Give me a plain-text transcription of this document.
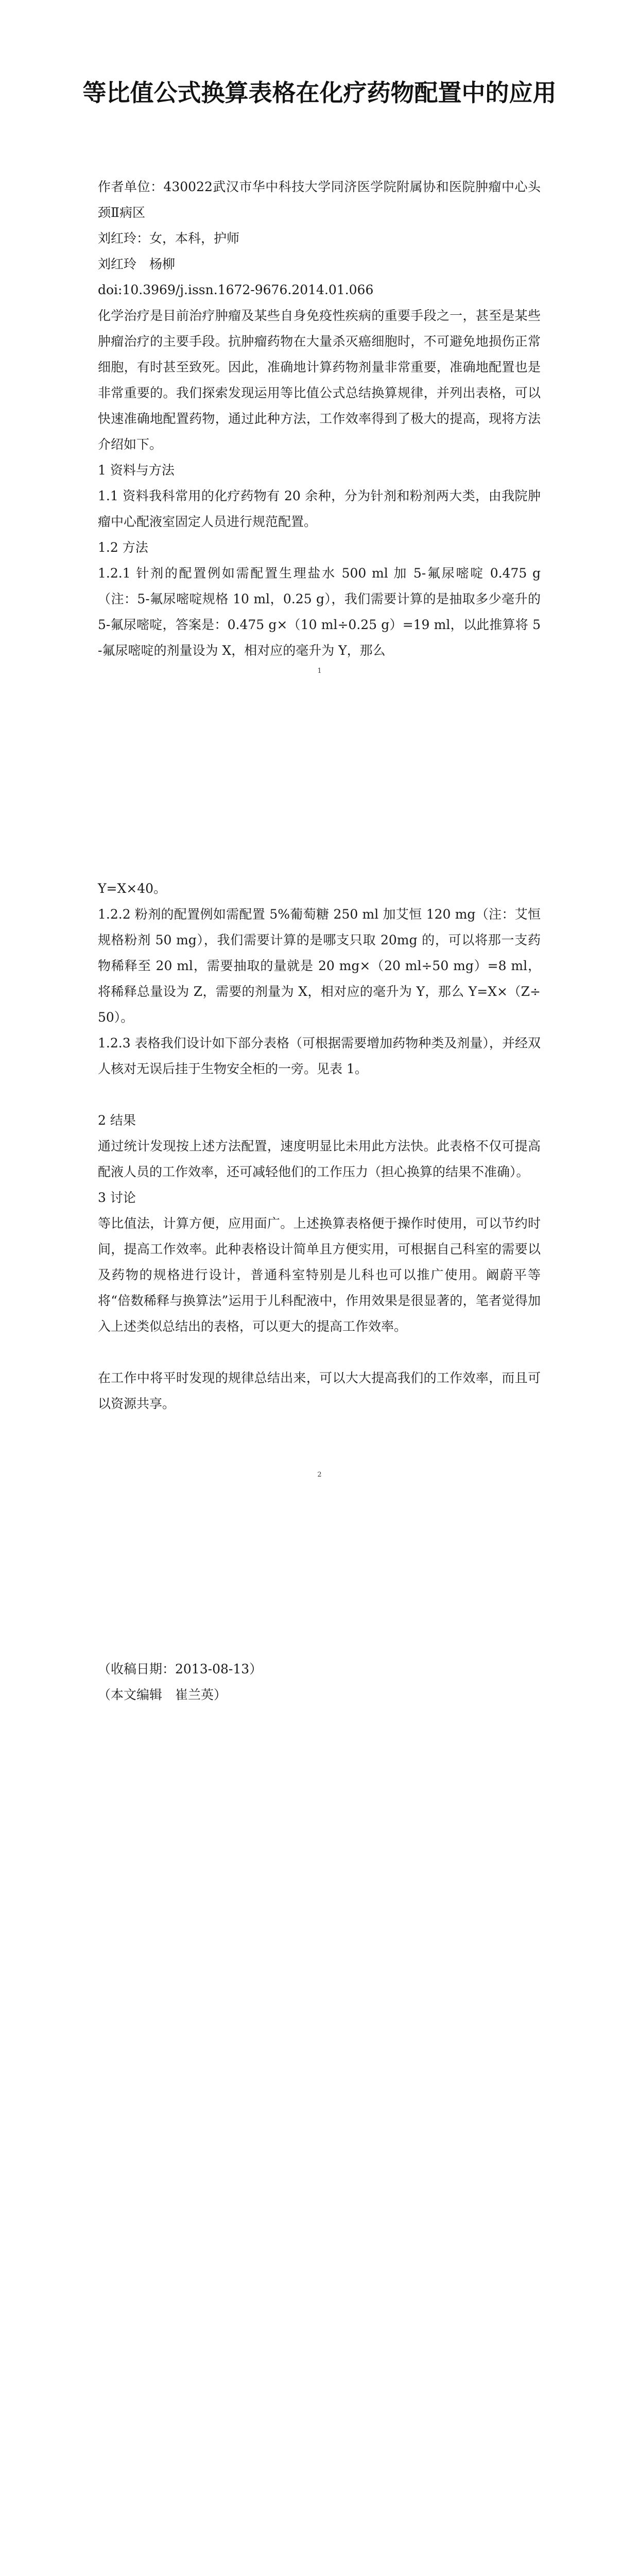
等比值公式换算表格在化疗药物配置中的应用

作者单位：430022武汉市华中科技大学同济医学院附属协和医院肿瘤中心头颈Ⅱ病区

刘红玲：女，本科，护师

刘红玲　杨柳

doi:10.3969/j.issn.1672-9676.2014.01.066

化学治疗是目前治疗肿瘤及某些自身免疫性疾病的重要手段之一，甚至是某些肿瘤治疗的主要手段。抗肿瘤药物在大量杀灭癌细胞时，不可避免地损伤正常细胞，有时甚至致死。因此，准确地计算药物剂量非常重要，准确地配置也是非常重要的。我们探索发现运用等比值公式总结换算规律，并列出表格，可以快速准确地配置药物，通过此种方法，工作效率得到了极大的提高，现将方法介绍如下。

1 资料与方法

1.1 资料我科常用的化疗药物有 20 余种，分为针剂和粉剂两大类，由我院肿瘤中心配液室固定人员进行规范配置。

1.2 方法

1.2.1 针剂的配置例如需配置生理盐水 500 ml 加 5-氟尿嘧啶 0.475 g（注：5-氟尿嘧啶规格 10 ml，0.25 g），我们需要计算的是抽取多少毫升的 5-氟尿嘧啶，答案是：0.475 g×（10 ml÷0.25 g）=19 ml，以此推算将 5-氟尿嘧啶的剂量设为 X，相对应的毫升为 Y，那么

1

Y=X×40。

1.2.2 粉剂的配置例如需配置 5%葡萄糖 250 ml 加艾恒 120 mg（注：艾恒规格粉剂 50 mg），我们需要计算的是哪支只取 20mg 的，可以将那一支药物稀释至 20 ml，需要抽取的量就是 20 mg×（20 ml÷50 mg）=8 ml，将稀释总量设为 Z，需要的剂量为 X，相对应的毫升为 Y，那么 Y=X×（Z÷50）。

1.2.3 表格我们设计如下部分表格（可根据需要增加药物种类及剂量），并经双人核对无误后挂于生物安全柜的一旁。见表 1。

2 结果

通过统计发现按上述方法配置，速度明显比未用此方法快。此表格不仅可提高配液人员的工作效率，还可减轻他们的工作压力（担心换算的结果不准确）。

3 讨论

等比值法，计算方便，应用面广。上述换算表格便于操作时使用，可以节约时间，提高工作效率。此种表格设计简单且方便实用，可根据自己科室的需要以及药物的规格进行设计，普通科室特别是儿科也可以推广使用。阚蔚平等将“倍数稀释与换算法”运用于儿科配液中，作用效果是很显著的，笔者觉得加入上述类似总结出的表格，可以更大的提高工作效率。

在工作中将平时发现的规律总结出来，可以大大提高我们的工作效率，而且可以资源共享。

2

（收稿日期：2013-08-13）

（本文编辑　崔兰英）
